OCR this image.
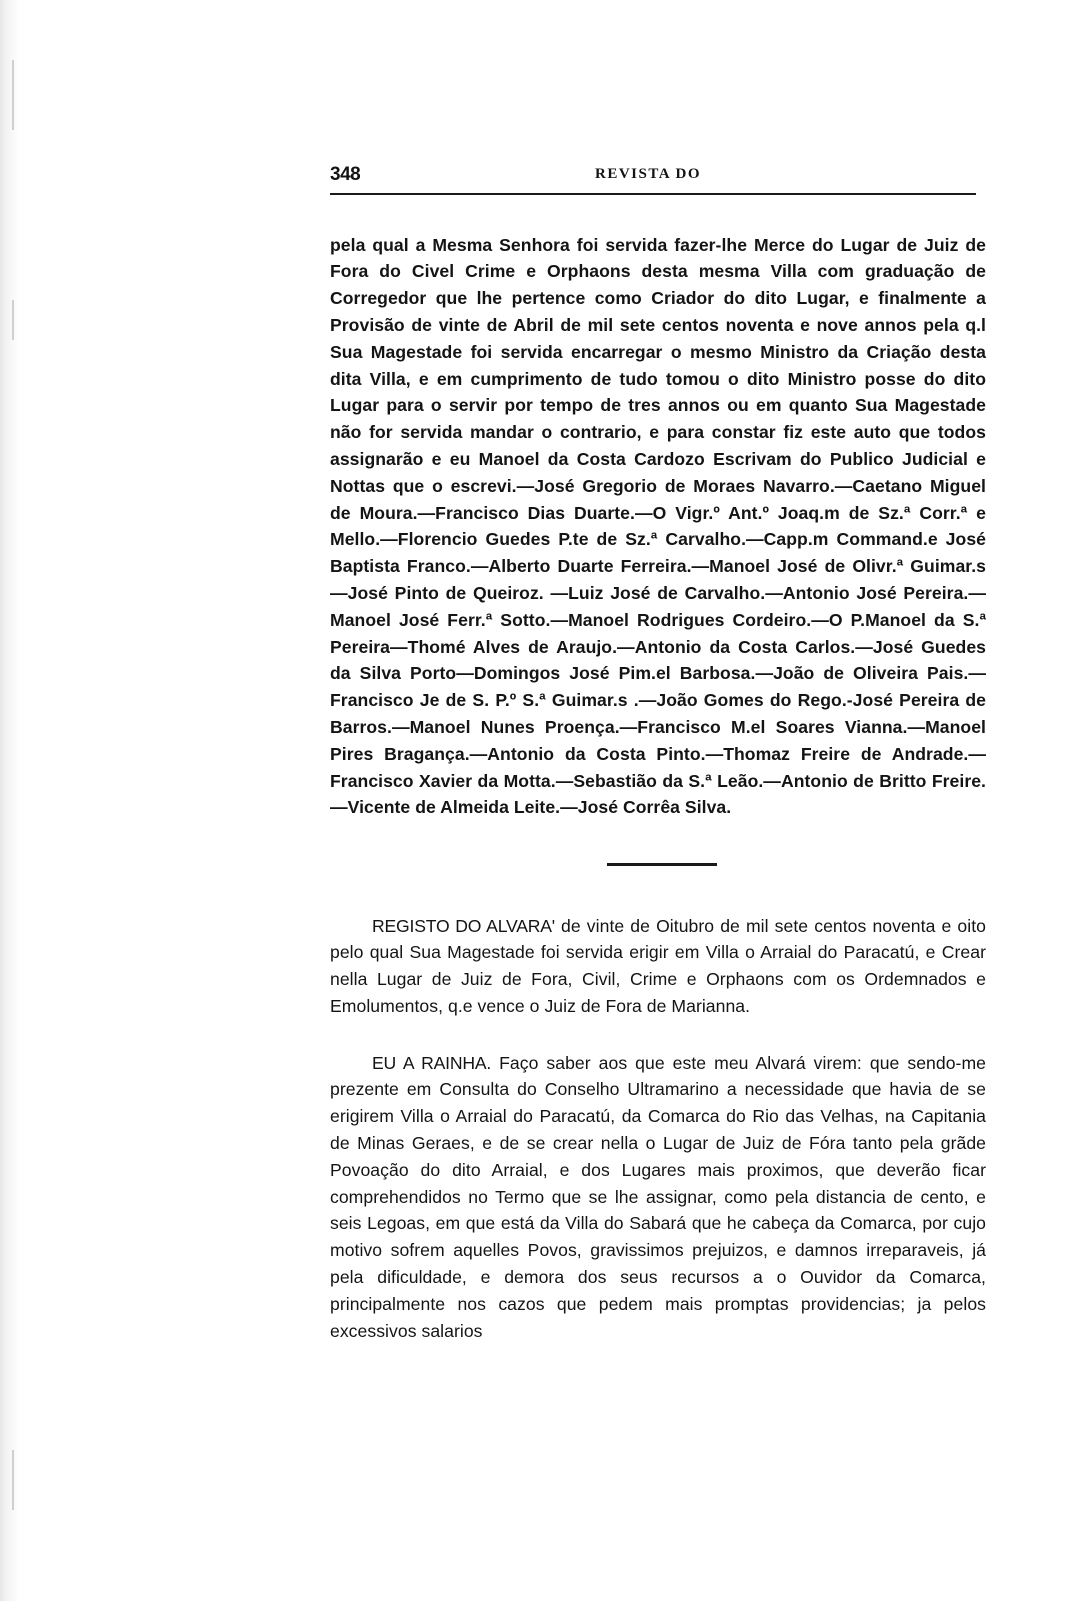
348	REVISTA DO

pela qual a Mesma Senhora foi servida fazer-lhe Merce do Lugar de Juiz de Fora do Civel Crime e Orphaons desta mesma Villa com graduação de Corregedor que lhe pertence como Criador do dito Lugar, e finalmente a Provisão de vinte de Abril de mil sete centos noventa e nove annos pela q.l Sua Magestade foi servida encarregar o mesmo Ministro da Criação desta dita Villa, e em cumprimento de tudo tomou o dito Ministro posse do dito Lugar para o servir por tempo de tres annos ou em quanto Sua Magestade não for servida mandar o contrario, e para constar fiz este auto que todos assignarão e eu Manoel da Costa Cardozo Escrivam do Publico Judicial e Nottas que o escrevi.—José Gregorio de Moraes Navarro.—Caetano Miguel de Moura.—Francisco Dias Duarte.—O Vigr.º Ant.º Joaq.m de Sz.ª Corr.ª e Mello.—Florencio Guedes P.te de Sz.ª Carvalho.—Capp.m Command.e José Baptista Franco.—Alberto Duarte Ferreira.—Manoel José de Olivr.ª Guimar.s —José Pinto de Queiroz. —Luiz José de Carvalho.—Antonio José Pereira.—Manoel José Ferr.ª Sotto.—Manoel Rodrigues Cordeiro.—O P.Manoel da S.ª Pereira—Thomé Alves de Araujo.—Antonio da Costa Carlos.—José Guedes da Silva Porto—Domingos José Pim.el Barbosa.—João de Oliveira Pais.—Francisco Je de S. P.º S.ª Guimar.s .—João Gomes do Rego.-José Pereira de Barros.—Manoel Nunes Proença.—Francisco M.el Soares Vianna.—Manoel Pires Bragança.—Antonio da Costa Pinto.—Thomaz Freire de Andrade.—Francisco Xavier da Motta.—Sebastião da S.ª Leão.—Antonio de Britto Freire.—Vicente de Almeida Leite.—José Corrêa Silva.

REGISTO DO ALVARA' de vinte de Oitubro de mil sete centos noventa e oito pelo qual Sua Magestade foi servida erigir em Villa o Arraial do Paracatú, e Crear nella Lugar de Juiz de Fora, Civil, Crime e Orphaons com os Ordemnados e Emolumentos, q.e vence o Juiz de Fora de Marianna.

EU A RAINHA. Faço saber aos que este meu Alvará virem: que sendo-me prezente em Consulta do Conselho Ultramarino a necessidade que havia de se erigirem Villa o Arraial do Paracatú, da Comarca do Rio das Velhas, na Capitania de Minas Geraes, e de se crear nella o Lugar de Juiz de Fóra tanto pela grãde Povoação do dito Arraial, e dos Lugares mais proximos, que deverão ficar comprehendidos no Termo que se lhe assignar, como pela distancia de cento, e seis Legoas, em que está da Villa do Sabará que he cabeça da Comarca, por cujo motivo sofrem aquelles Povos, gravissimos prejuizos, e damnos irreparaveis, já pela dificuldade, e demora dos seus recursos a o Ouvidor da Comarca, principalmente nos cazos que pedem mais promptas providencias; ja pelos excessivos salarios
